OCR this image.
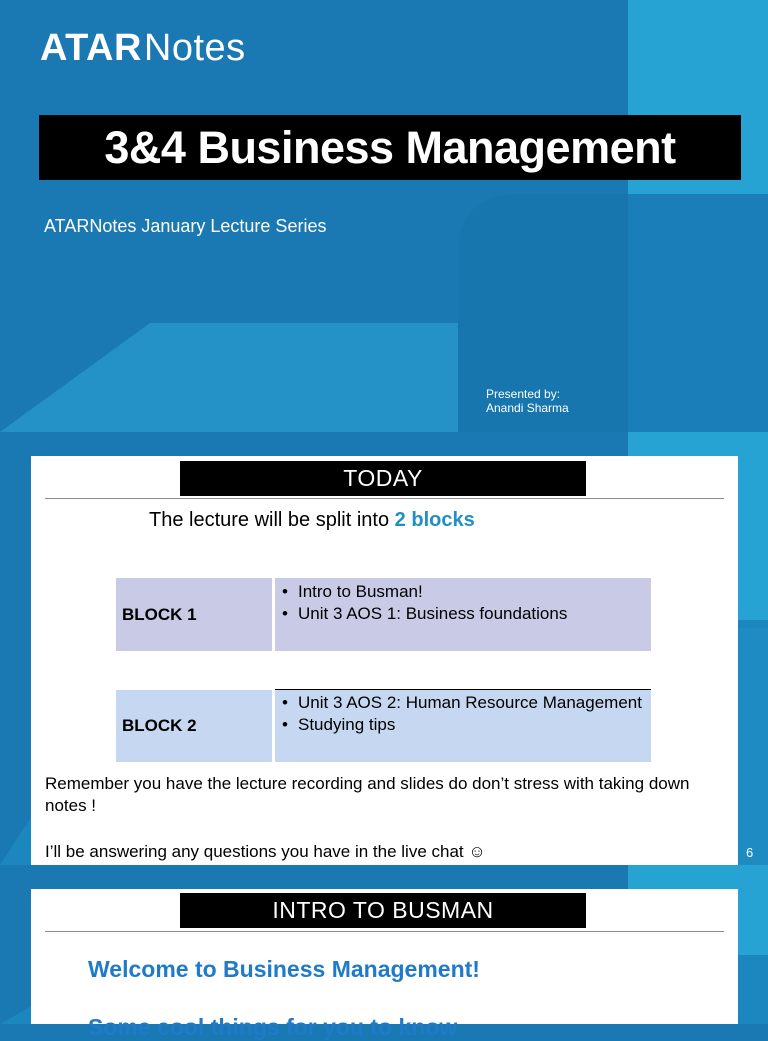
ATARNotes
3&4 Business Management
ATARNotes January Lecture Series
Presented by:
Anandi Sharma
TODAY
The lecture will be split into 2 blocks
BLOCK 1
• Intro to Busman!
• Unit 3 AOS 1: Business foundations
BLOCK 2
• Unit 3 AOS 2: Human Resource Management
• Studying tips
Remember you have the lecture recording and slides do don’t stress with taking down notes !
I’ll be answering any questions you have in the live chat ☺	6
INTRO TO BUSMAN
Welcome to Business Management!
Some cool things for you to know
